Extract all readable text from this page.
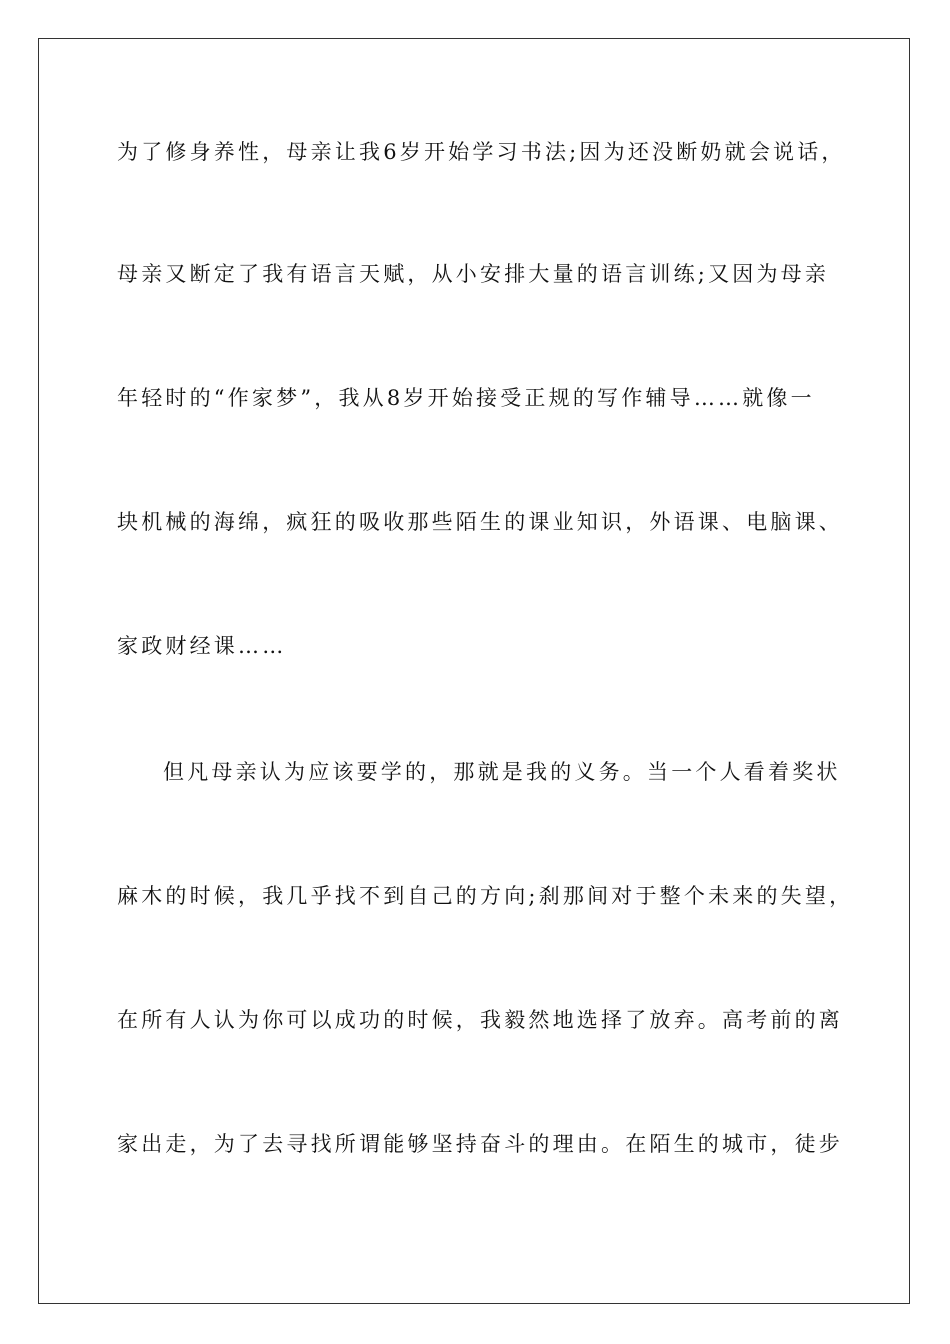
为了修身养性，母亲让我6岁开始学习书法;因为还没断奶就会说话，

母亲又断定了我有语言天赋，从小安排大量的语言训练;又因为母亲

年轻时的“作家梦”，我从8岁开始接受正规的写作辅导……就像一

块机械的海绵，疯狂的吸收那些陌生的课业知识，外语课、电脑课、

家政财经课……

但凡母亲认为应该要学的，那就是我的义务。当一个人看着奖状

麻木的时候，我几乎找不到自己的方向;刹那间对于整个未来的失望，

在所有人认为你可以成功的时候，我毅然地选择了放弃。高考前的离

家出走，为了去寻找所谓能够坚持奋斗的理由。在陌生的城市，徒步
